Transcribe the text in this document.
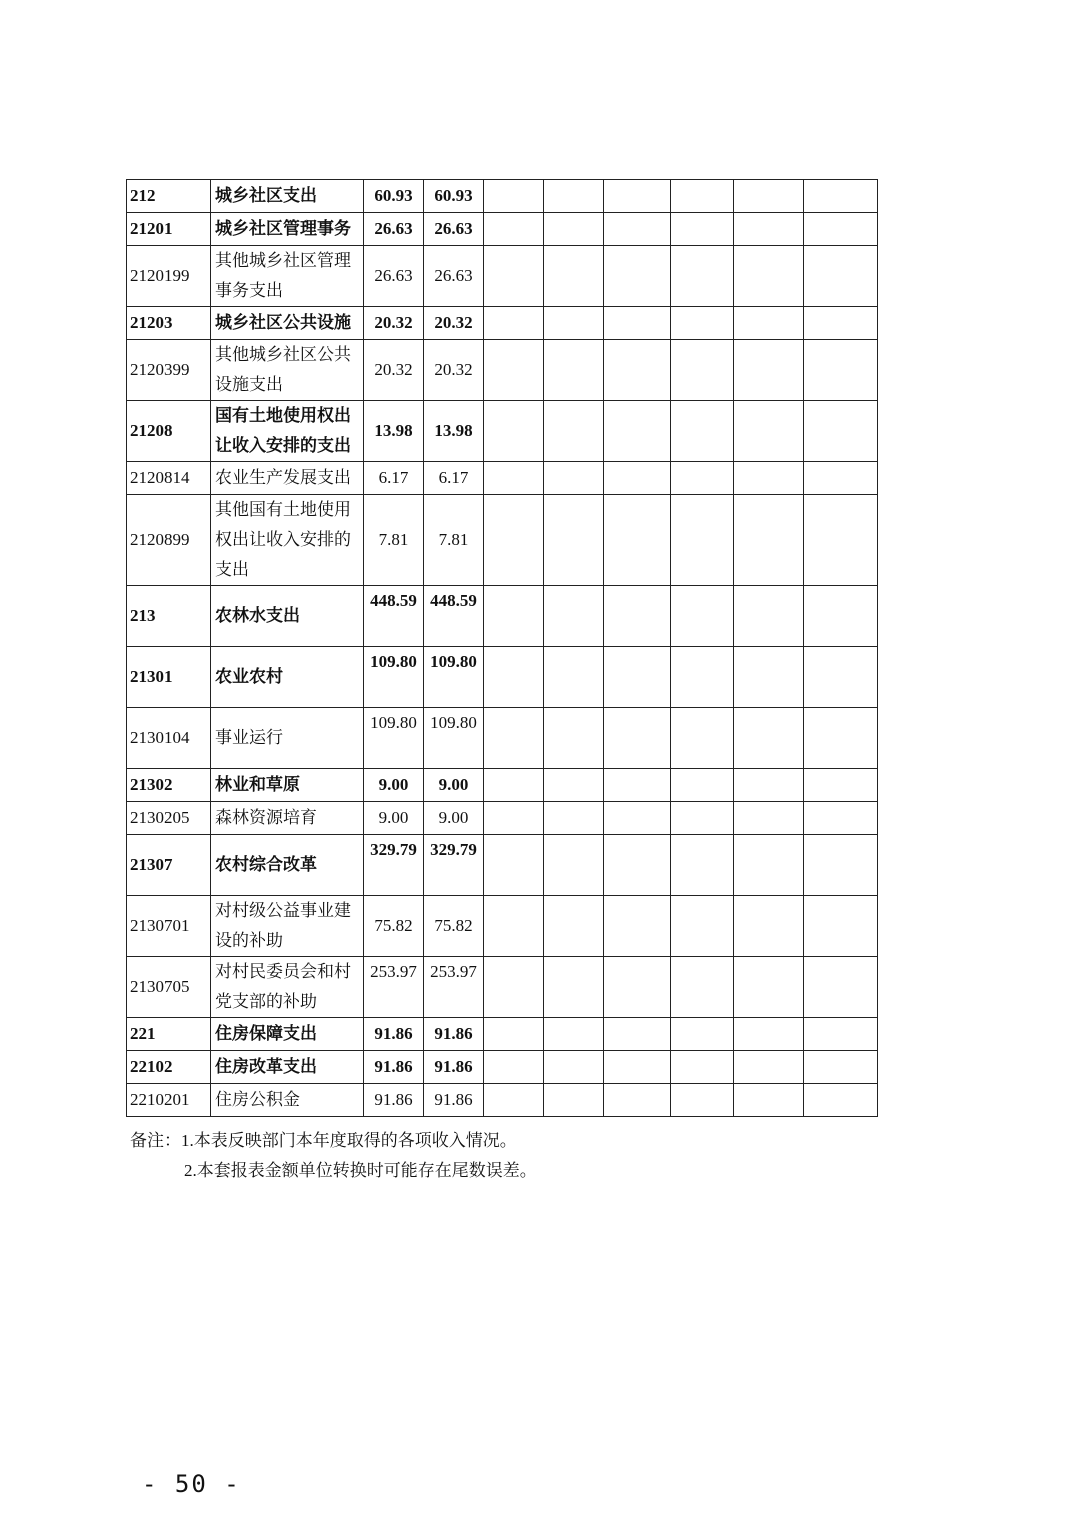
212	城乡社区支出	60.93	60.93						
21201	城乡社区管理事务	26.63	26.63						
2120199	其他城乡社区管理事务支出	26.63	26.63						
21203	城乡社区公共设施	20.32	20.32						
2120399	其他城乡社区公共设施支出	20.32	20.32						
21208	国有土地使用权出让收入安排的支出	13.98	13.98						
2120814	农业生产发展支出	6.17	6.17						
2120899	其他国有土地使用权出让收入安排的支出	7.81	7.81						
213	农林水支出	448.59	448.59						
21301	农业农村	109.80	109.80						
2130104	事业运行	109.80	109.80						
21302	林业和草原	9.00	9.00						
2130205	森林资源培育	9.00	9.00						
21307	农村综合改革	329.79	329.79						
2130701	对村级公益事业建设的补助	75.82	75.82						
2130705	对村民委员会和村党支部的补助	253.97	253.97						
221	住房保障支出	91.86	91.86						
22102	住房改革支出	91.86	91.86						
2210201	住房公积金	91.86	91.86						
备注：1.本表反映部门本年度取得的各项收入情况。
2.本套报表金额单位转换时可能存在尾数误差。
- 50 -
